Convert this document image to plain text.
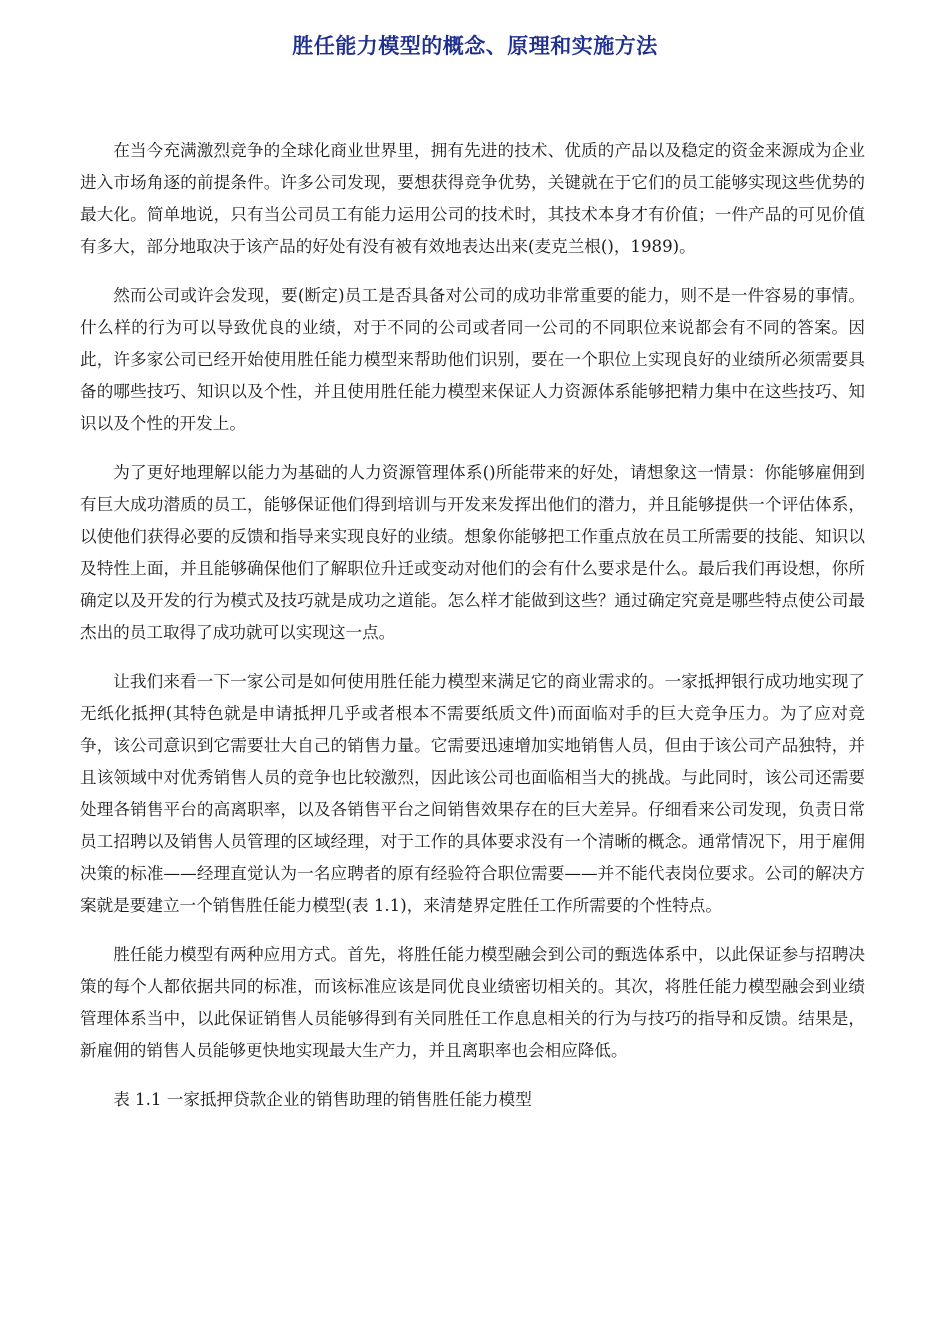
胜任能力模型的概念、原理和实施方法

在当今充满激烈竞争的全球化商业世界里，拥有先进的技术、优质的产品以及稳定的资金来源成为企业进入市场角逐的前提条件。许多公司发现，要想获得竞争优势，关键就在于它们的员工能够实现这些优势的最大化。简单地说，只有当公司员工有能力运用公司的技术时，其技术本身才有价值；一件产品的可见价值有多大，部分地取决于该产品的好处有没有被有效地表达出来(麦克兰根()，1989)。

然而公司或许会发现，要(断定)员工是否具备对公司的成功非常重要的能力，则不是一件容易的事情。什么样的行为可以导致优良的业绩，对于不同的公司或者同一公司的不同职位来说都会有不同的答案。因此，许多家公司已经开始使用胜任能力模型来帮助他们识别，要在一个职位上实现良好的业绩所必须需要具备的哪些技巧、知识以及个性，并且使用胜任能力模型来保证人力资源体系能够把精力集中在这些技巧、知识以及个性的开发上。

为了更好地理解以能力为基础的人力资源管理体系()所能带来的好处，请想象这一情景：你能够雇佣到有巨大成功潜质的员工，能够保证他们得到培训与开发来发挥出他们的潜力，并且能够提供一个评估体系，以使他们获得必要的反馈和指导来实现良好的业绩。想象你能够把工作重点放在员工所需要的技能、知识以及特性上面，并且能够确保他们了解职位升迁或变动对他们的会有什么要求是什么。最后我们再设想，你所确定以及开发的行为模式及技巧就是成功之道能。怎么样才能做到这些？通过确定究竟是哪些特点使公司最杰出的员工取得了成功就可以实现这一点。

让我们来看一下一家公司是如何使用胜任能力模型来满足它的商业需求的。一家抵押银行成功地实现了无纸化抵押(其特色就是申请抵押几乎或者根本不需要纸质文件)而面临对手的巨大竞争压力。为了应对竞争，该公司意识到它需要壮大自己的销售力量。它需要迅速增加实地销售人员，但由于该公司产品独特，并且该领域中对优秀销售人员的竞争也比较激烈，因此该公司也面临相当大的挑战。与此同时，该公司还需要处理各销售平台的高离职率，以及各销售平台之间销售效果存在的巨大差异。仔细看来公司发现，负责日常员工招聘以及销售人员管理的区域经理，对于工作的具体要求没有一个清晰的概念。通常情况下，用于雇佣决策的标准——经理直觉认为一名应聘者的原有经验符合职位需要——并不能代表岗位要求。公司的解决方案就是要建立一个销售胜任能力模型(表 1.1)，来清楚界定胜任工作所需要的个性特点。

胜任能力模型有两种应用方式。首先，将胜任能力模型融会到公司的甄选体系中，以此保证参与招聘决策的每个人都依据共同的标准，而该标准应该是同优良业绩密切相关的。其次，将胜任能力模型融会到业绩管理体系当中，以此保证销售人员能够得到有关同胜任工作息息相关的行为与技巧的指导和反馈。结果是，新雇佣的销售人员能够更快地实现最大生产力，并且离职率也会相应降低。

表 1.1 一家抵押贷款企业的销售助理的销售胜任能力模型
